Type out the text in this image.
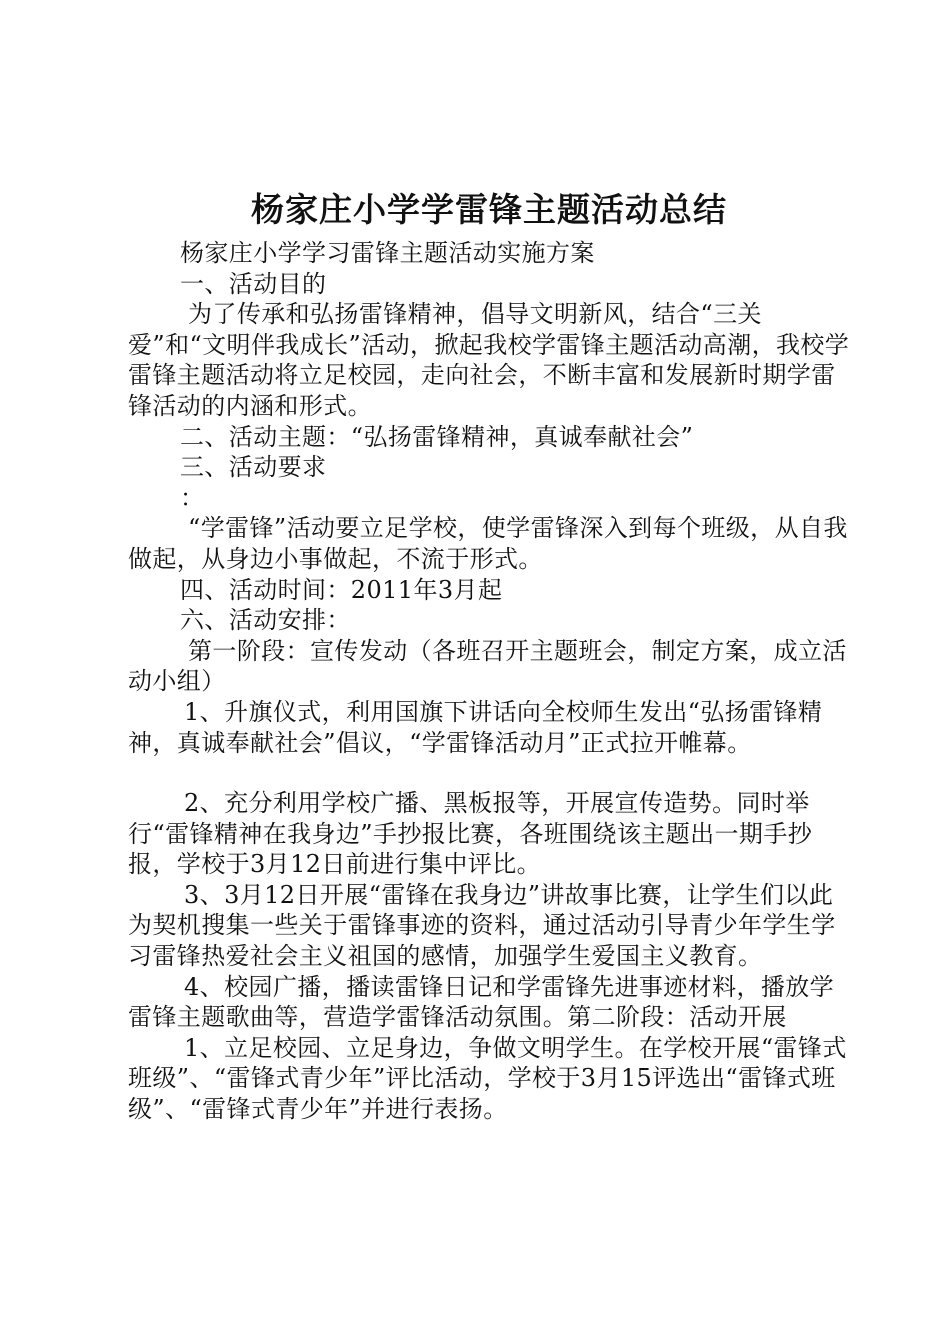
杨家庄小学学雷锋主题活动总结

杨家庄小学学习雷锋主题活动实施方案

一、活动目的

为了传承和弘扬雷锋精神，倡导文明新风，结合“三关爱”和“文明伴我成长”活动，掀起我校学雷锋主题活动高潮，我校学雷锋主题活动将立足校园，走向社会，不断丰富和发展新时期学雷锋活动的内涵和形式。

二、活动主题：“弘扬雷锋精神，真诚奉献社会”

三、活动要求

：

“学雷锋”活动要立足学校，使学雷锋深入到每个班级，从自我做起，从身边小事做起，不流于形式。

四、活动时间：2011年3月起

六、活动安排：

第一阶段：宣传发动（各班召开主题班会，制定方案，成立活动小组）

1、升旗仪式，利用国旗下讲话向全校师生发出“弘扬雷锋精神，真诚奉献社会”倡议，“学雷锋活动月”正式拉开帷幕。

2、充分利用学校广播、黑板报等，开展宣传造势。同时举行“雷锋精神在我身边”手抄报比赛，各班围绕该主题出一期手抄报，学校于3月12日前进行集中评比。

3、3月12日开展“雷锋在我身边”讲故事比赛，让学生们以此为契机搜集一些关于雷锋事迹的资料，通过活动引导青少年学生学习雷锋热爱社会主义祖国的感情，加强学生爱国主义教育。

4、校园广播，播读雷锋日记和学雷锋先进事迹材料，播放学雷锋主题歌曲等，营造学雷锋活动氛围。第二阶段：活动开展

1、立足校园、立足身边，争做文明学生。在学校开展“雷锋式班级”、“雷锋式青少年”评比活动，学校于3月15评选出“雷锋式班级”、“雷锋式青少年”并进行表扬。
